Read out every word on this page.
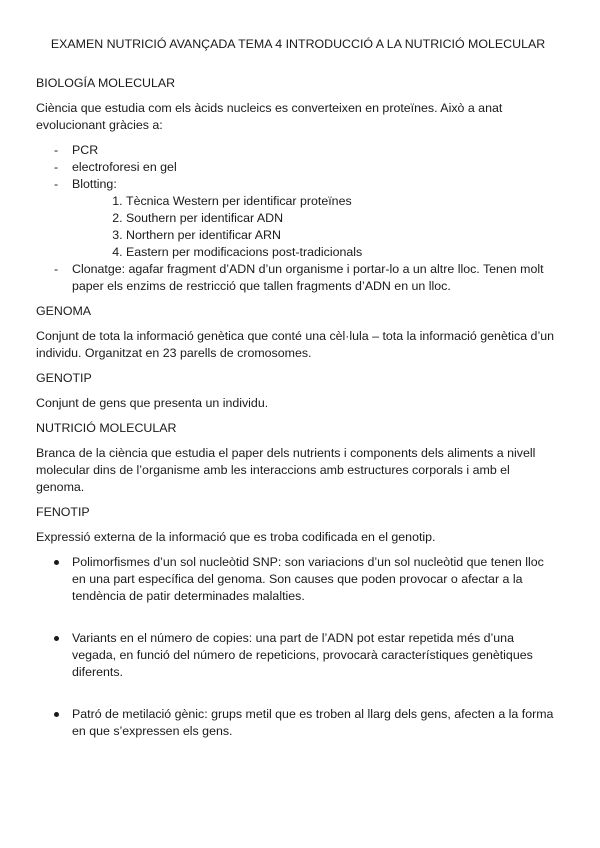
EXAMEN NUTRICIÓ AVANÇADA TEMA 4 INTRODUCCIÓ A LA NUTRICIÓ MOLECULAR
BIOLOGÍA MOLECULAR

Ciència que estudia com els àcids nucleics es converteixen en proteïnes. Això a anat evolucionant gràcies a:

- PCR
- electroforesi en gel
- Blotting:
1. Tècnica Western per identificar proteïnes
2. Southern per identificar ADN
3. Northern per identificar ARN
4. Eastern per modificacions post-tradicionals
- Clonatge: agafar fragment d’ADN d’un organisme i portar-lo a un altre lloc. Tenen molt paper els enzims de restricció que tallen fragments d’ADN en un lloc.
GENOMA

Conjunt de tota la informació genètica que conté una cèl·lula – tota la informació genètica d’un individu. Organitzat en 23 parells de cromosomes.

GENOTIP

Conjunt de gens que presenta un individu.

NUTRICIÓ MOLECULAR

Branca de la ciència que estudia el paper dels nutrients i components dels aliments a nivell molecular dins de l’organisme amb les interaccions amb estructures corporals i amb el genoma.

FENOTIP

Expressió externa de la informació que es troba codificada en el genotip.

Polimorfismes d’un sol nucleòtid SNP: son variacions d’un sol nucleòtid que tenen lloc en una part específica del genoma. Son causes que poden provocar o afectar a la tendència de patir determinades malalties.
Variants en el número de copies: una part de l’ADN pot estar repetida més d’una vegada, en funció del número de repeticions, provocarà característiques genètiques diferents.
Patró de metilació gènic: grups metil que es troben al llarg dels gens, afecten a la forma en que s’expressen els gens.
